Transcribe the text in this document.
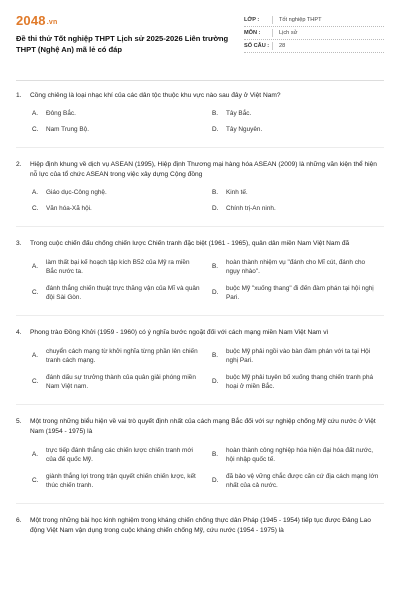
2048.vn
Đề thi thử Tốt nghiệp THPT Lịch sử 2025-2026 Liên trường THPT (Nghệ An) mã lẻ có đáp
LỚP :	Tốt nghiệp THPT
MÔN :	Lịch sử
SỐ CÂU :	28
1.	Cồng chiêng là loại nhạc khí của các dân tộc thuộc khu vực nào sau đây ở Việt Nam?
A.	Đông Bắc.	B.	Tây Bắc.
C.	Nam Trung Bộ.	D.	Tây Nguyên.
2.	Hiệp định khung về dịch vụ ASEAN (1995), Hiệp định Thương mại hàng hóa ASEAN (2009) là những văn kiện thể hiện nỗ lực của tổ chức ASEAN trong việc xây dựng Cộng đồng
A.	Giáo dục-Công nghệ.	B.	Kinh tế.
C.	Văn hóa-Xã hội.	D.	Chính trị-An ninh.
3.	Trong cuộc chiến đấu chống chiến lược Chiến tranh đặc biệt (1961 - 1965), quân dân miền Nam Việt Nam đã
A.
làm thất bại kế hoạch tập kích B52 của Mỹ ra miền Bắc nước ta.
B.
hoàn thành nhiệm vụ "đánh cho Mĩ cút, đánh cho ngụy nhào".
C.
đánh thắng chiến thuật trực thăng vận của Mĩ và quân đội Sài Gòn.
D.
buộc Mỹ "xuống thang" đi đến đàm phán tại hội nghị Pari.
4.	Phong trào Đồng Khởi (1959 - 1960) có ý nghĩa bước ngoặt đối với cách mạng miền Nam Việt Nam vì
A.
chuyển cách mạng từ khởi nghĩa từng phần lên chiến tranh cách mạng.
B.
buộc Mỹ phải ngồi vào bàn đàm phán với ta tại Hội nghị Pari.
C.
đánh dấu sự trưởng thành của quân giải phóng miền Nam Việt nam.
D.
buộc Mỹ phải tuyên bố xuống thang chiến tranh phá hoại ở miền Bắc.
5.	Một trong những biểu hiện về vai trò quyết định nhất của cách mạng Bắc đối với sự nghiệp chống Mỹ cứu nước ở Việt Nam (1954 - 1975) là
A.
trực tiếp đánh thắng các chiến lược chiến tranh mới của đế quốc Mỹ.
B.
hoàn thành công nghiệp hóa hiện đại hóa đất nước, hội nhập quốc tế.
C.
giành thắng lợi trong trận quyết chiến chiến lược, kết thúc chiến tranh.
D.
đã bảo vệ vững chắc được căn cứ địa cách mạng lớn nhất của cả nước.
6.	Một trong những bài học kinh nghiệm trong kháng chiến chống thực dân Pháp (1945 - 1954) tiếp tục được Đảng Lao động Việt Nam vận dụng trong cuộc kháng chiến chống Mỹ, cứu nước (1954 - 1975) là
